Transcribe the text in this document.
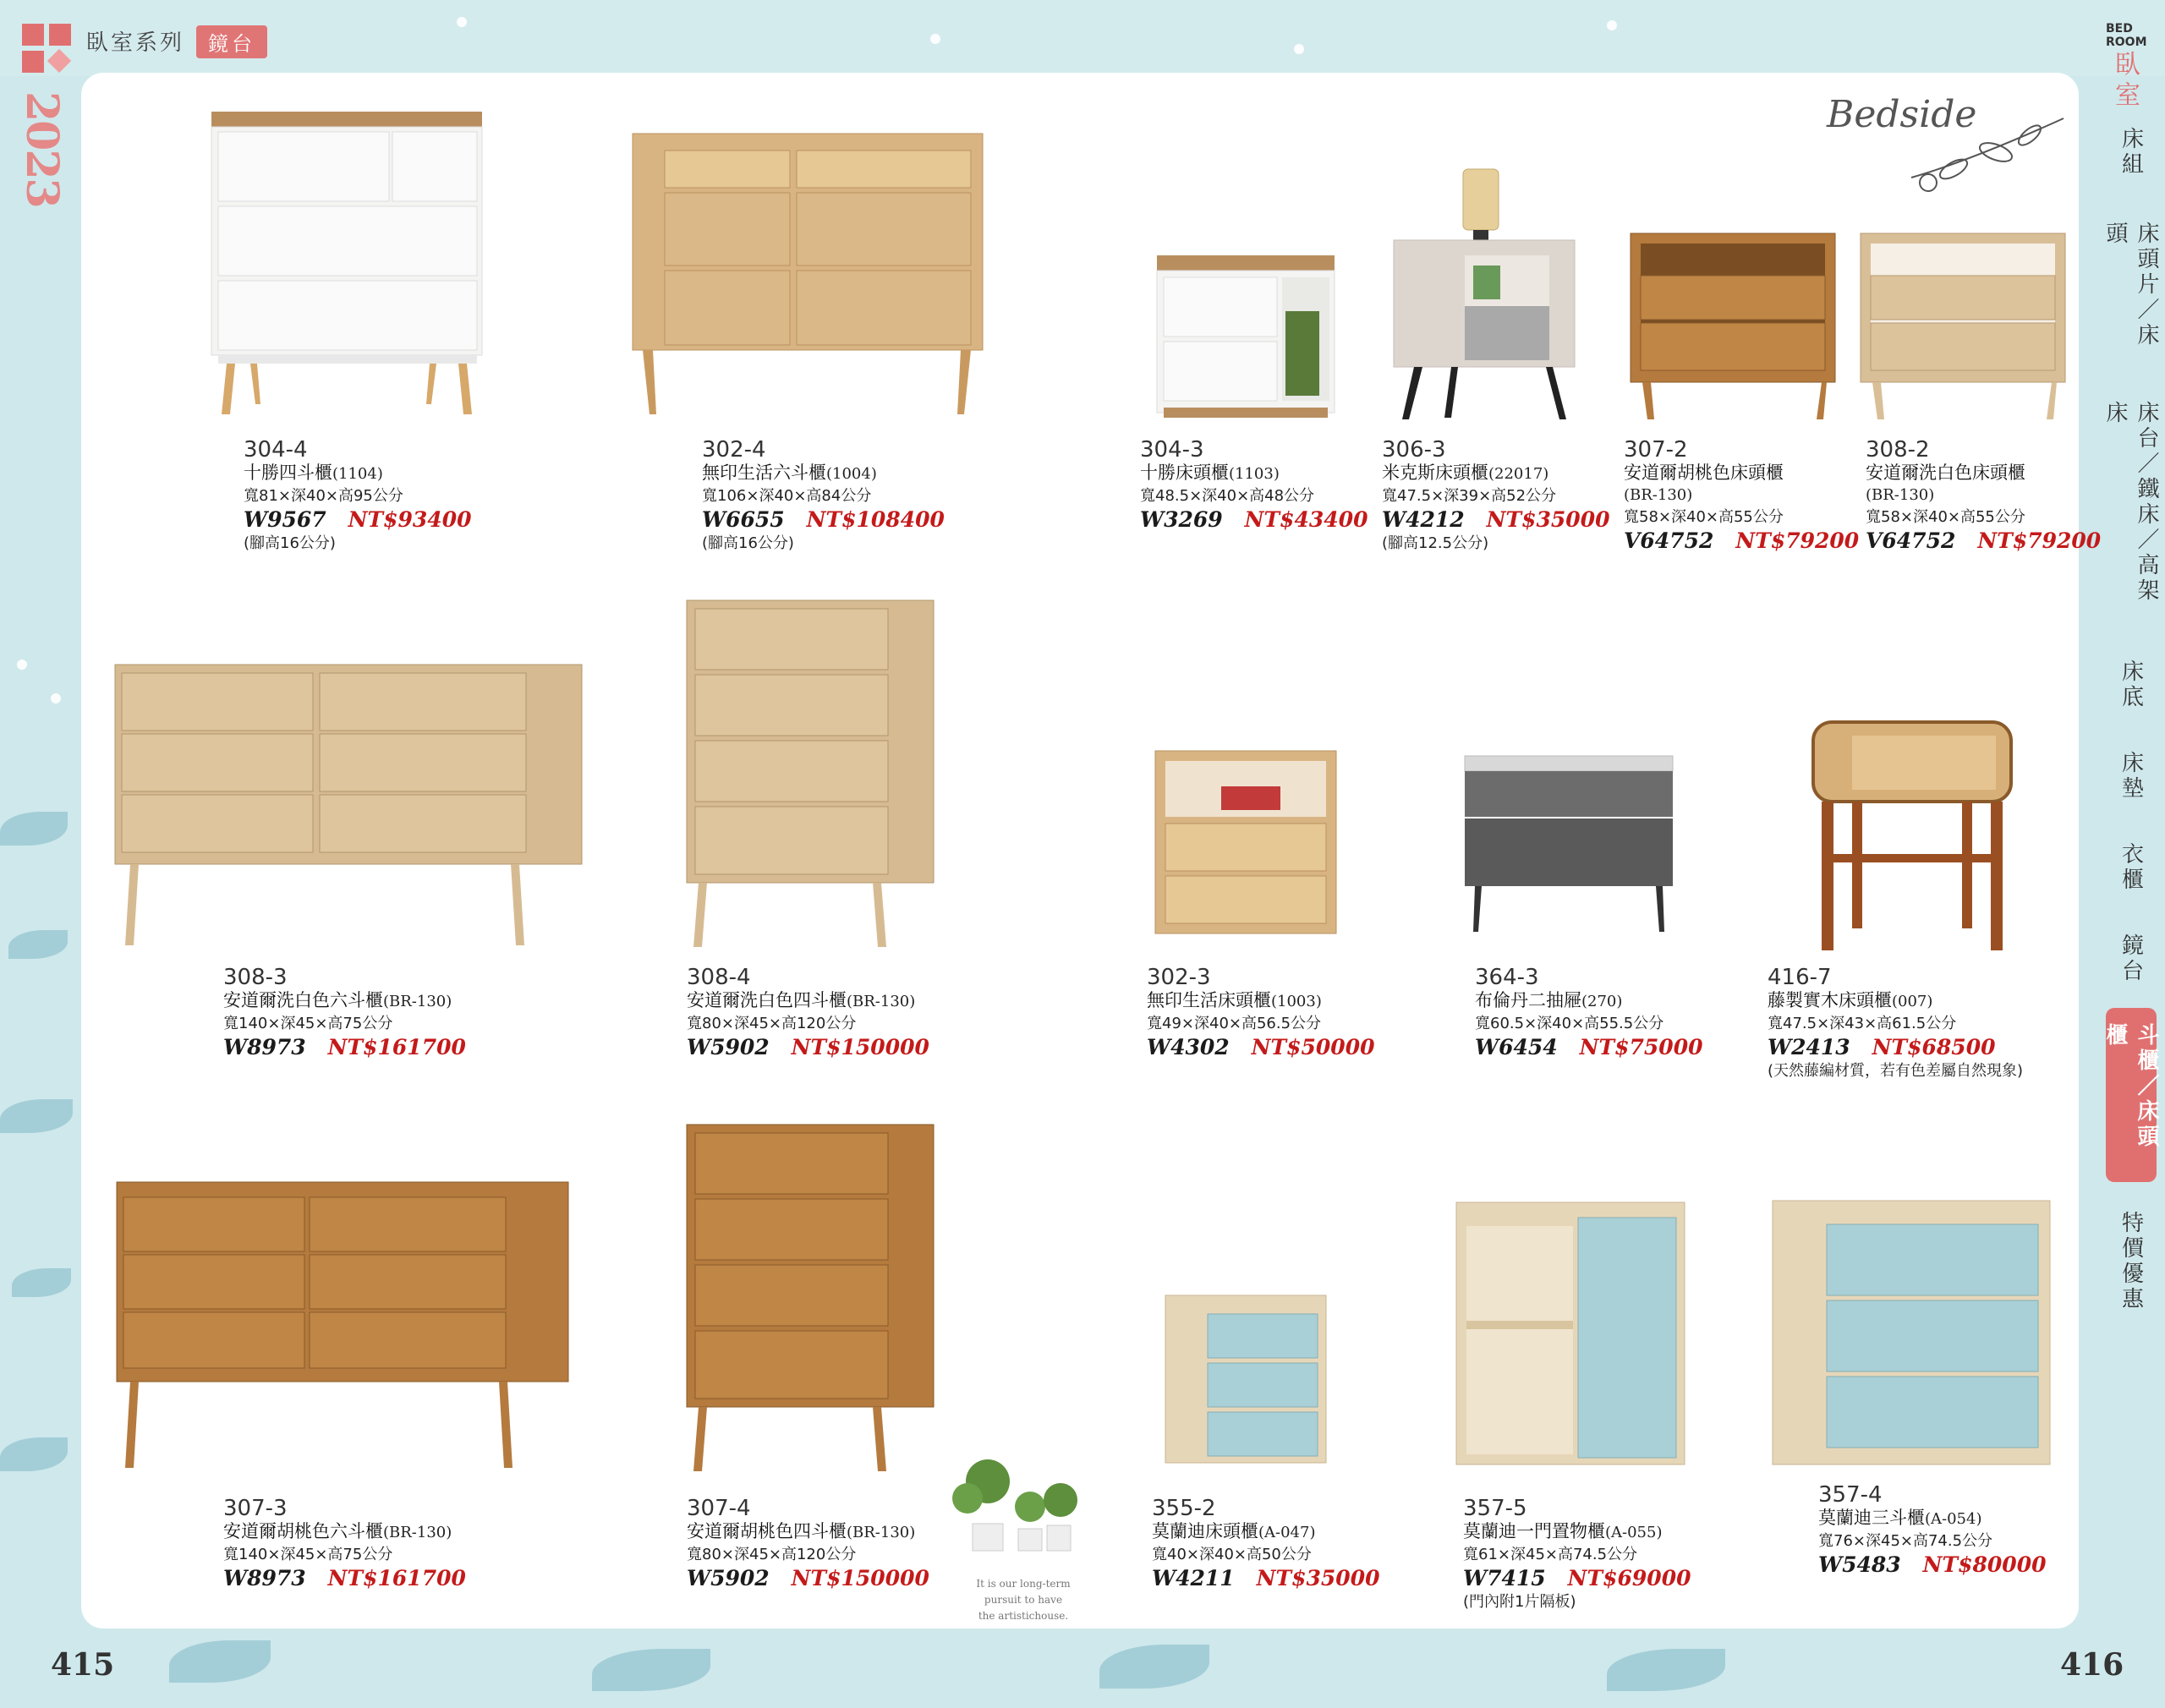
臥室系列	鏡台
2023
415	416
BED
ROOM
臥室
床組
床頭片／床頭
床台／鐵床／高架床
床底
床墊
衣櫃
鏡台
斗櫃／床頭櫃
特價優惠
Bedside
It is our long-term
pursuit to have
the artistichouse.
304-4
十勝四斗櫃(1104)
寬81×深40×高95公分
W9567 NT$93400
(腳高16公分)
302-4
無印生活六斗櫃(1004)
寬106×深40×高84公分
W6655 NT$108400
(腳高16公分)
304-3
十勝床頭櫃(1103)
寬48.5×深40×高48公分
W3269 NT$43400
306-3
米克斯床頭櫃(22017)
寬47.5×深39×高52公分
W4212 NT$35000
(腳高12.5公分)
307-2
安道爾胡桃色床頭櫃
(BR-130)
寬58×深40×高55公分
V64752 NT$79200
308-2
安道爾洗白色床頭櫃
(BR-130)
寬58×深40×高55公分
V64752 NT$79200
308-3
安道爾洗白色六斗櫃(BR-130)
寬140×深45×高75公分
W8973 NT$161700
308-4
安道爾洗白色四斗櫃(BR-130)
寬80×深45×高120公分
W5902 NT$150000
302-3
無印生活床頭櫃(1003)
寬49×深40×高56.5公分
W4302 NT$50000
364-3
布倫丹二抽屜(270)
寬60.5×深40×高55.5公分
W6454 NT$75000
416-7
藤製實木床頭櫃(007)
寬47.5×深43×高61.5公分
W2413 NT$68500
(天然藤編材質，若有色差屬自然現象)
307-3
安道爾胡桃色六斗櫃(BR-130)
寬140×深45×高75公分
W8973 NT$161700
307-4
安道爾胡桃色四斗櫃(BR-130)
寬80×深45×高120公分
W5902 NT$150000
355-2
莫蘭迪床頭櫃(A-047)
寬40×深40×高50公分
W4211 NT$35000
357-5
莫蘭迪一門置物櫃(A-055)
寬61×深45×高74.5公分
W7415 NT$69000
(門內附1片隔板)
357-4
莫蘭迪三斗櫃(A-054)
寬76×深45×高74.5公分
W5483 NT$80000
